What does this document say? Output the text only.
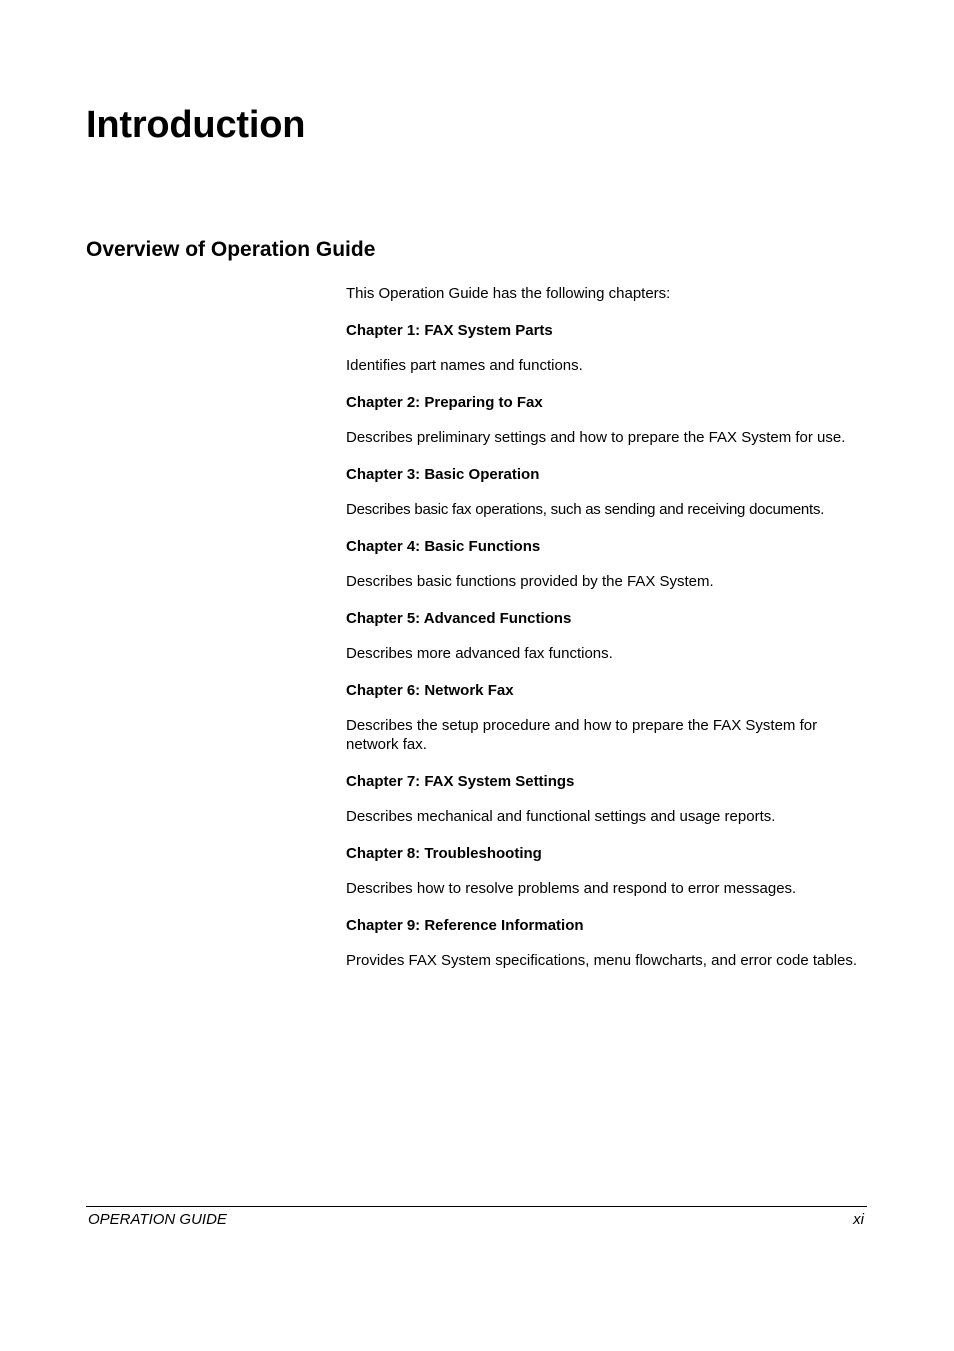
Introduction
Overview of Operation Guide

This Operation Guide has the following chapters:

Chapter 1: FAX System Parts

Identifies part names and functions.

Chapter 2: Preparing to Fax

Describes preliminary settings and how to prepare the FAX System for use.

Chapter 3: Basic Operation

Describes basic fax operations, such as sending and receiving documents.

Chapter 4: Basic Functions

Describes basic functions provided by the FAX System.

Chapter 5: Advanced Functions

Describes more advanced fax functions.

Chapter 6: Network Fax

Describes the setup procedure and how to prepare the FAX System for network fax.

Chapter 7: FAX System Settings

Describes mechanical and functional settings and usage reports.

Chapter 8: Troubleshooting

Describes how to resolve problems and respond to error messages.

Chapter 9: Reference Information

Provides FAX System specifications, menu flowcharts, and error code tables.

OPERATION GUIDE	xi
